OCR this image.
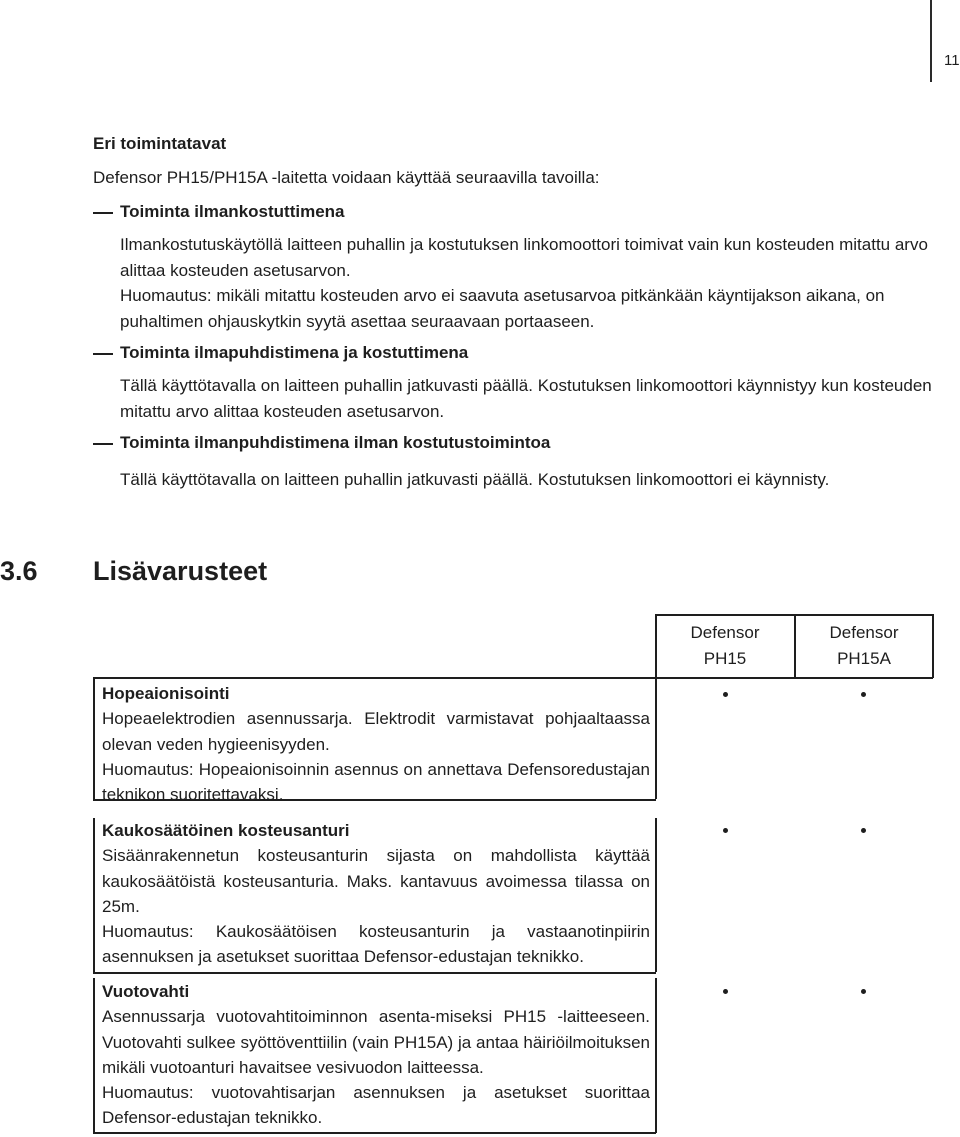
11
Eri toimintatavat
Defensor PH15/PH15A -laitetta voidaan käyttää seuraavilla tavoilla:
Toiminta ilmankostuttimena

Ilmankostutuskäytöllä laitteen puhallin ja kostutuksen linkomoottori toimivat vain kun kosteuden mitattu arvo alittaa kosteuden asetusarvon.

Huomautus: mikäli mitattu kosteuden arvo ei saavuta asetusarvoa pitkänkään käyntijakson aikana, on puhaltimen ohjauskytkin syytä asettaa seuraavaan portaaseen.

Toiminta ilmapuhdistimena ja kostuttimena

Tällä käyttötavalla on laitteen puhallin jatkuvasti päällä. Kostutuksen linkomoottori käynnistyy kun kosteuden mitattu arvo alittaa kosteuden asetusarvon.

Toiminta ilmanpuhdistimena ilman kostutustoimintoa

Tällä käyttötavalla on laitteen puhallin jatkuvasti päällä. Kostutuksen linkomoottori ei käynnisty.

3.6 Lisävarusteet
Defensor
PH15
Defensor
PH15A
Hopeaionisointi
Hopeaelektrodien asennussarja. Elektrodit varmistavat pohjaaltaassa olevan veden hygieenisyyden.
Huomautus: Hopeaionisoinnin asennus on annettava Defensoredustajan teknikon suoritettavaksi.
Kaukosäätöinen kosteusanturi
Sisäänrakennetun kosteusanturin sijasta on mahdollista käyttää kaukosäätöistä kosteusanturia. Maks. kantavuus avoimessa tilassa on 25m.
Huomautus: Kaukosäätöisen kosteusanturin ja vastaanotinpiirin asennuksen ja asetukset suorittaa Defensor-edustajan teknikko.
Vuotovahti
Asennussarja vuotovahtitoiminnon asenta-miseksi PH15 -laitteeseen. Vuotovahti sulkee syöttöventtiilin (vain PH15A) ja antaa häiriöilmoituksen mikäli vuotoanturi havaitsee vesivuodon laitteessa.
Huomautus: vuotovahtisarjan asennuksen ja asetukset suorittaa Defensor-edustajan teknikko.
